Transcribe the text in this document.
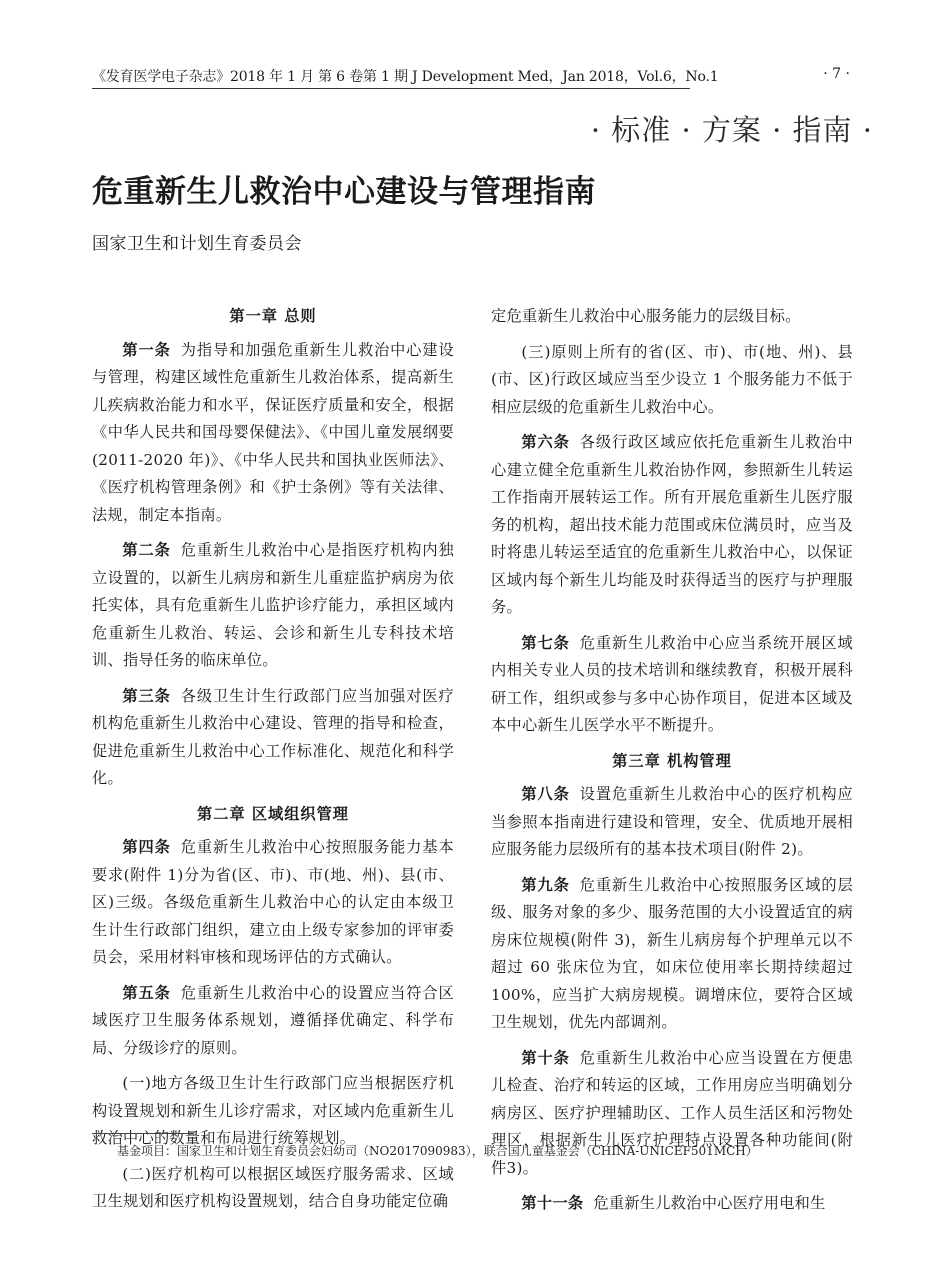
《发育医学电子杂志》2018 年 1 月 第 6 卷第 1 期 J Development Med，Jan 2018，Vol.6，No.1	· 7 ·
· 标准 · 方案 · 指南 ·
危重新生儿救治中心建设与管理指南
国家卫生和计划生育委员会
第一章 总则

第一条 为指导和加强危重新生儿救治中心建设与管理，构建区域性危重新生儿救治体系，提高新生儿疾病救治能力和水平，保证医疗质量和安全，根据《中华人民共和国母婴保健法》、《中国儿童发展纲要(2011-2020 年)》、《中华人民共和国执业医师法》、《医疗机构管理条例》和《护士条例》等有关法律、法规，制定本指南。

第二条 危重新生儿救治中心是指医疗机构内独立设置的，以新生儿病房和新生儿重症监护病房为依托实体，具有危重新生儿监护诊疗能力，承担区域内危重新生儿救治、转运、会诊和新生儿专科技术培训、指导任务的临床单位。

第三条 各级卫生计生行政部门应当加强对医疗机构危重新生儿救治中心建设、管理的指导和检查，促进危重新生儿救治中心工作标准化、规范化和科学化。

第二章 区域组织管理

第四条 危重新生儿救治中心按照服务能力基本要求(附件 1)分为省(区、市)、市(地、州)、县(市、区)三级。各级危重新生儿救治中心的认定由本级卫生计生行政部门组织，建立由上级专家参加的评审委员会，采用材料审核和现场评估的方式确认。

第五条 危重新生儿救治中心的设置应当符合区域医疗卫生服务体系规划，遵循择优确定、科学布局、分级诊疗的原则。

(一)地方各级卫生计生行政部门应当根据医疗机构设置规划和新生儿诊疗需求，对区域内危重新生儿救治中心的数量和布局进行统筹规划。

(二)医疗机构可以根据区域医疗服务需求、区域卫生规划和医疗机构设置规划，结合自身功能定位确

定危重新生儿救治中心服务能力的层级目标。

(三)原则上所有的省(区、市)、市(地、州)、县(市、区)行政区域应当至少设立 1 个服务能力不低于相应层级的危重新生儿救治中心。

第六条 各级行政区域应依托危重新生儿救治中心建立健全危重新生儿救治协作网，参照新生儿转运工作指南开展转运工作。所有开展危重新生儿医疗服务的机构，超出技术能力范围或床位满员时，应当及时将患儿转运至适宜的危重新生儿救治中心，以保证区域内每个新生儿均能及时获得适当的医疗与护理服务。

第七条 危重新生儿救治中心应当系统开展区域内相关专业人员的技术培训和继续教育，积极开展科研工作，组织或参与多中心协作项目，促进本区域及本中心新生儿医学水平不断提升。

第三章 机构管理

第八条 设置危重新生儿救治中心的医疗机构应当参照本指南进行建设和管理，安全、优质地开展相应服务能力层级所有的基本技术项目(附件 2)。

第九条 危重新生儿救治中心按照服务区域的层级、服务对象的多少、服务范围的大小设置适宜的病房床位规模(附件 3)，新生儿病房每个护理单元以不超过 60 张床位为宜，如床位使用率长期持续超过 100%，应当扩大病房规模。调增床位，要符合区域卫生规划，优先内部调剂。

第十条 危重新生儿救治中心应当设置在方便患儿检查、治疗和转运的区域，工作用房应当明确划分病房区、医疗护理辅助区、工作人员生活区和污物处理区，根据新生儿医疗护理特点设置各种功能间(附件3)。

第十一条 危重新生儿救治中心医疗用电和生

基金项目：国家卫生和计划生育委员会妇幼司（NO2017090983），联合国儿童基金会（CHINA-UNICEF501MCH）
